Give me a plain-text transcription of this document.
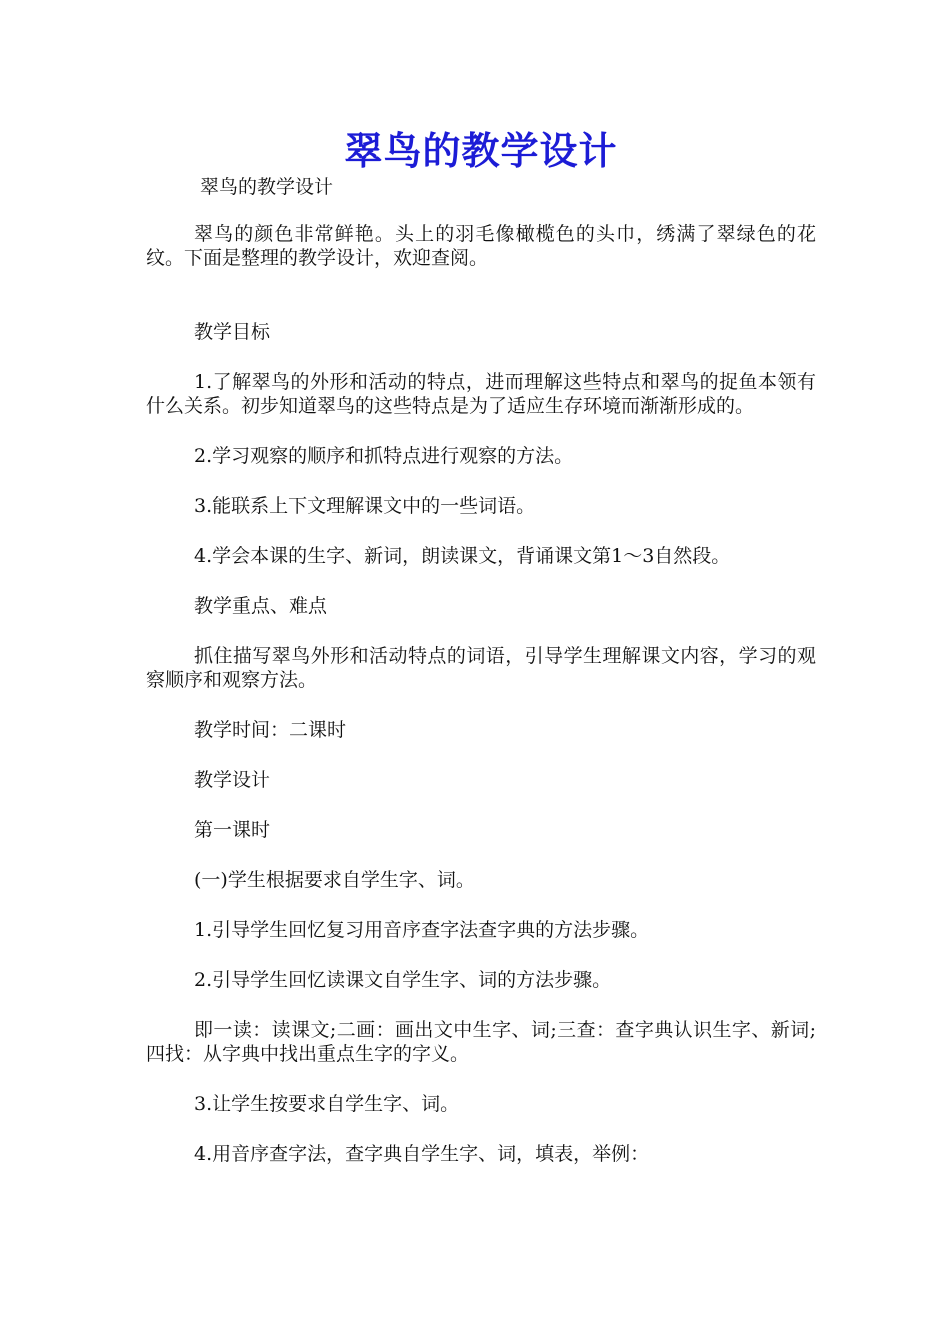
翠鸟的教学设计

翠鸟的教学设计

翠鸟的颜色非常鲜艳。头上的羽毛像橄榄色的头巾，绣满了翠绿色的花纹。下面是整理的教学设计，欢迎查阅。

教学目标

1.了解翠鸟的外形和活动的特点，进而理解这些特点和翠鸟的捉鱼本领有什么关系。初步知道翠鸟的这些特点是为了适应生存环境而渐渐形成的。

2.学习观察的顺序和抓特点进行观察的方法。

3.能联系上下文理解课文中的一些词语。

4.学会本课的生字、新词，朗读课文，背诵课文第1～3自然段。

教学重点、难点

抓住描写翠鸟外形和活动特点的词语，引导学生理解课文内容，学习的观察顺序和观察方法。

教学时间：二课时

教学设计

第一课时

(一)学生根据要求自学生字、词。

1.引导学生回忆复习用音序查字法查字典的方法步骤。

2.引导学生回忆读课文自学生字、词的方法步骤。

即一读：读课文;二画：画出文中生字、词;三查：查字典认识生字、新词;四找：从字典中找出重点生字的字义。

3.让学生按要求自学生字、词。

4.用音序查字法，查字典自学生字、词，填表，举例：
